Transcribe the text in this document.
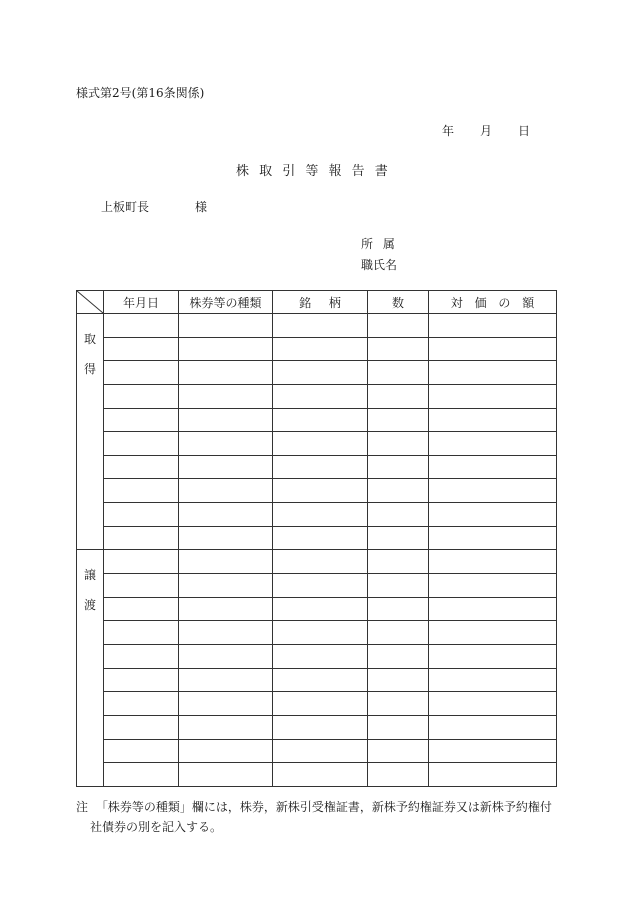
様式第2号(第16条関係)
年 月 日
株 取 引 等 報 告 書
上板町長	様
所 属
職氏名
	年月日	株券等の種類	銘 柄	数	対 価 の 額

取
得					

譲
渡					

注 「株券等の種類」欄には，株券，新株引受権証書，新株予約権証券又は新株予約権付
社債券の別を記入する。
